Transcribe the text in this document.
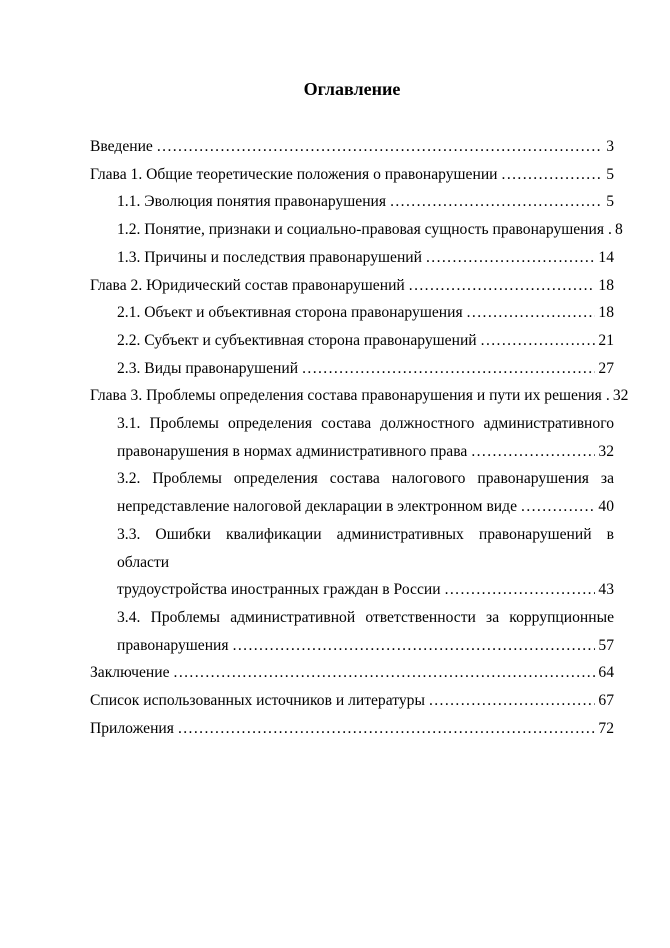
Оглавление
Введение .....	3
Глава 1. Общие теоретические положения о правонарушении .....	5
1.1. Эволюция понятия правонарушения .....	5
1.2. Понятие, признаки и социально-правовая сущность правонарушения ..... 8
1.3. Причины и последствия правонарушений .....	14
Глава 2. Юридический состав правонарушений .....	18
2.1. Объект и объективная сторона правонарушения .....	18
2.2. Субъект и субъективная сторона правонарушений .....	21
2.3. Виды правонарушений .....	27
Глава 3. Проблемы определения состава правонарушения и пути их решения ..... 32
3.1. Проблемы определения состава должностного административного
правонарушения в нормах административного права .....	32
3.2. Проблемы определения состава налогового правонарушения за
непредставление налоговой декларации в электронном виде .....	40
3.3. Ошибки квалификации административных правонарушений в области
трудоустройства иностранных граждан в России .....	43
3.4. Проблемы административной ответственности за коррупционные
правонарушения .....	57
Заключение .....	64
Список использованных источников и литературы .....	67
Приложения .....	72
